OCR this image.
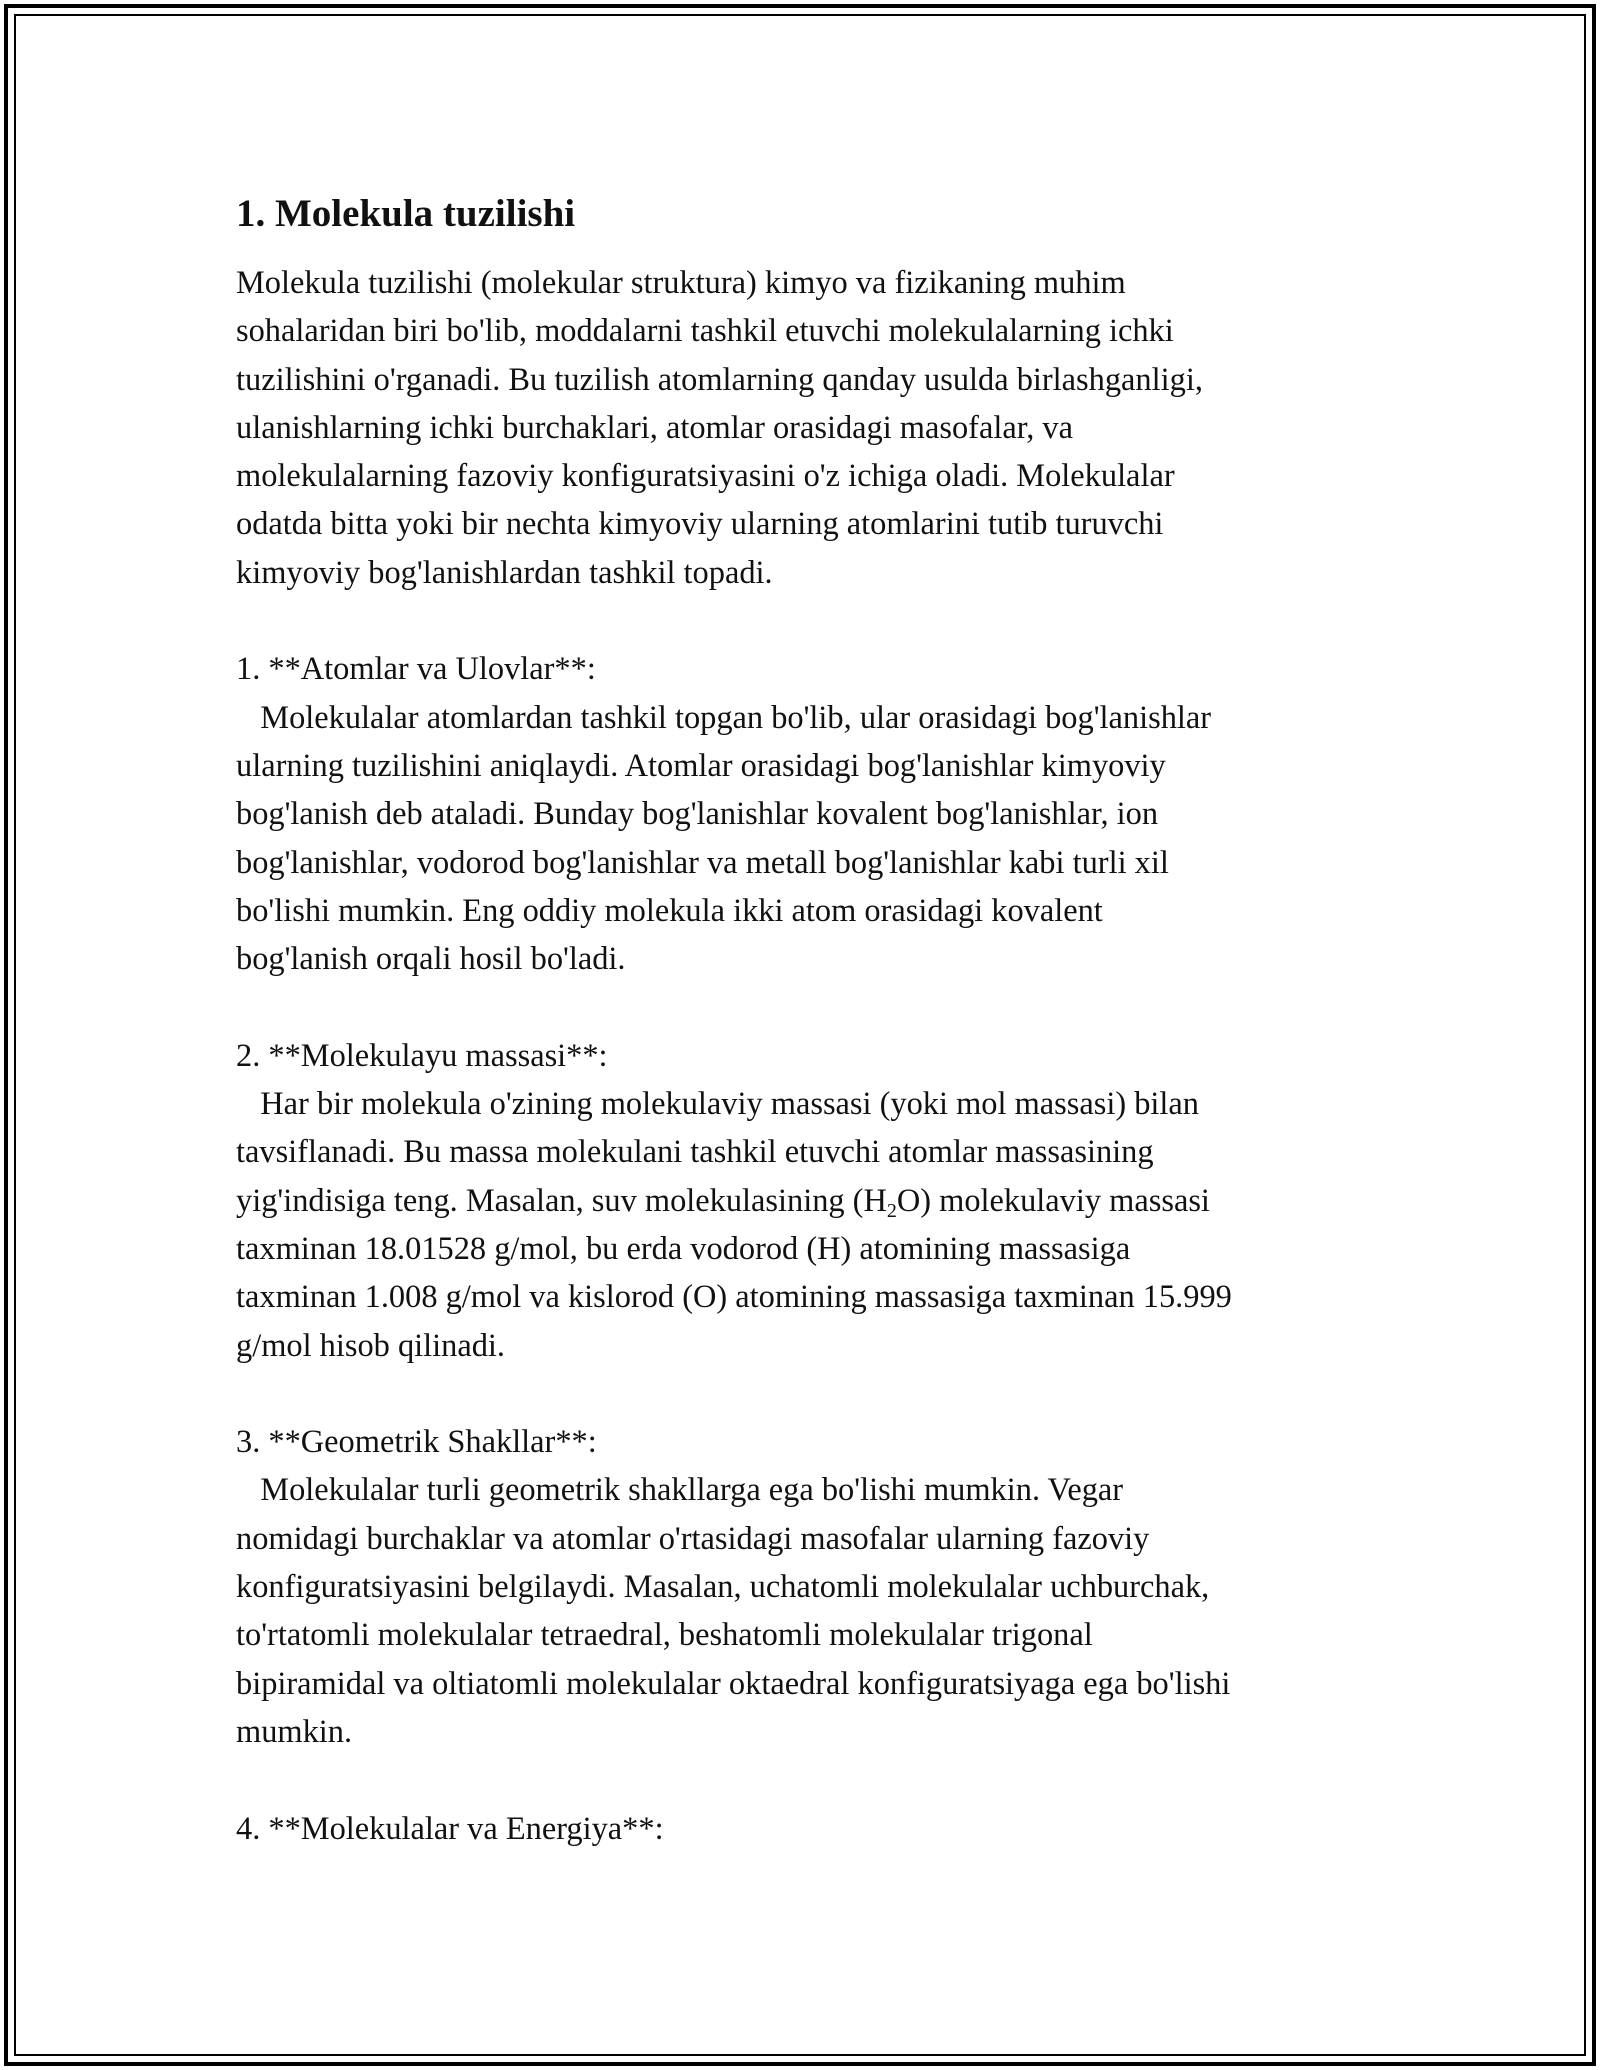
1. Molekula tuzilishi
Molekula tuzilishi (molekular struktura) kimyo va fizikaning muhim
sohalaridan biri bo'lib, moddalarni tashkil etuvchi molekulalarning ichki
tuzilishini o'rganadi. Bu tuzilish atomlarning qanday usulda birlashganligi,
ulanishlarning ichki burchaklari, atomlar orasidagi masofalar, va
molekulalarning fazoviy konfiguratsiyasini o'z ichiga oladi. Molekulalar
odatda bitta yoki bir nechta kimyoviy ularning atomlarini tutib turuvchi
kimyoviy bog'lanishlardan tashkil topadi.
1. **Atomlar va Ulovlar**:
Molekulalar atomlardan tashkil topgan bo'lib, ular orasidagi bog'lanishlar
ularning tuzilishini aniqlaydi. Atomlar orasidagi bog'lanishlar kimyoviy
bog'lanish deb ataladi. Bunday bog'lanishlar kovalent bog'lanishlar, ion
bog'lanishlar, vodorod bog'lanishlar va metall bog'lanishlar kabi turli xil
bo'lishi mumkin. Eng oddiy molekula ikki atom orasidagi kovalent
bog'lanish orqali hosil bo'ladi.
2. **Molekulayu massasi**:
Har bir molekula o'zining molekulaviy massasi (yoki mol massasi) bilan
tavsiflanadi. Bu massa molekulani tashkil etuvchi atomlar massasining
yig'indisiga teng. Masalan, suv molekulasining $(H_2O)$ molekulaviy massasi
taxminan 18.01528 g/mol, bu erda vodorod (H) atomining massasiga
taxminan 1.008 g/mol va kislorod (O) atomining massasiga taxminan 15.999
g/mol hisob qilinadi.
3. **Geometrik Shakllar**:
Molekulalar turli geometrik shakllarga ega bo'lishi mumkin. Vegar
nomidagi burchaklar va atomlar o'rtasidagi masofalar ularning fazoviy
konfiguratsiyasini belgilaydi. Masalan, uchatomli molekulalar uchburchak,
to'rtatomli molekulalar tetraedral, beshatomli molekulalar trigonal
bipiramidal va oltiatomli molekulalar oktaedral konfiguratsiyaga ega bo'lishi
mumkin.
4. **Molekulalar va Energiya**:
